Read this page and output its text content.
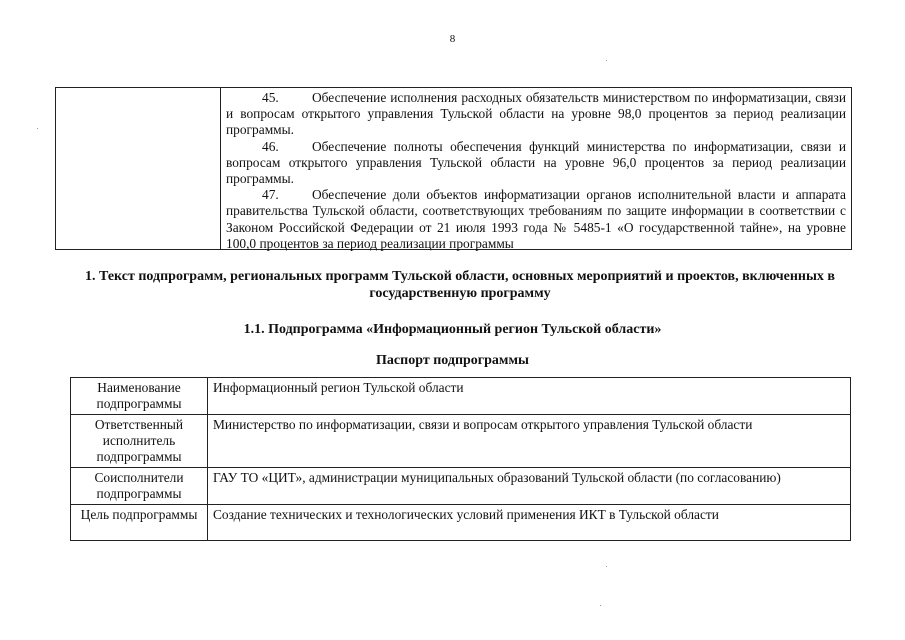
8

45. Обеспечение исполнения расходных обязательств министерством по информатизации, связи и вопросам открытого управления Тульской области на уровне 98,0 процентов за период реализации программы.

46. Обеспечение полноты обеспечения функций министерства по информатизации, связи и вопросам открытого управления Тульской области на уровне 96,0 процентов за период реализации программы.

47. Обеспечение доли объектов информатизации органов исполнительной власти и аппарата правительства Тульской области, соответствующих требованиям по защите информации в соответствии с Законом Российской Федерации от 21 июля 1993 года № 5485-1 «О государственной тайне», на уровне 100,0 процентов за период реализации программы

1. Текст подпрограмм, региональных программ Тульской области, основных мероприятий и проектов, включенных в государственную программу

1.1. Подпрограмма «Информационный регион Тульской области»

Паспорт подпрограммы

Наименование подпрограммы	Информационный регион Тульской области
Ответственный исполнитель подпрограммы	Министерство по информатизации, связи и вопросам открытого управления Тульской области
Соисполнители подпрограммы	ГАУ ТО «ЦИТ», администрации муниципальных образований Тульской области (по согласованию)
Цель подпрограммы	Создание технических и технологических условий применения ИКТ в Тульской области
